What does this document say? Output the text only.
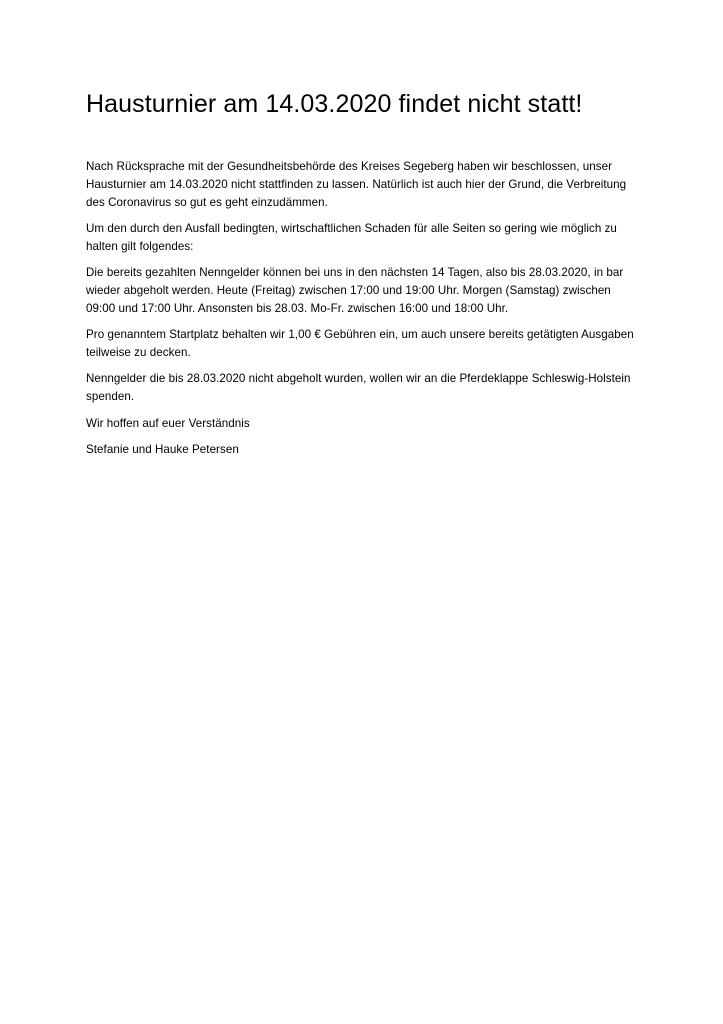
Hausturnier am 14.03.2020 findet nicht statt!

Nach Rücksprache mit der Gesundheitsbehörde des Kreises Segeberg haben wir beschlossen, unser Hausturnier am 14.03.2020 nicht stattfinden zu lassen. Natürlich ist auch hier der Grund, die Verbreitung des Coronavirus so gut es geht einzudämmen.

Um den durch den Ausfall bedingten, wirtschaftlichen Schaden für alle Seiten so gering wie möglich zu halten gilt folgendes:

Die bereits gezahlten Nenngelder können bei uns in den nächsten 14 Tagen, also bis 28.03.2020, in bar wieder abgeholt werden. Heute (Freitag) zwischen 17:00 und 19:00 Uhr. Morgen (Samstag) zwischen 09:00 und 17:00 Uhr. Ansonsten bis 28.03. Mo-Fr. zwischen 16:00 und 18:00 Uhr.

Pro genanntem Startplatz behalten wir 1,00 € Gebühren ein, um auch unsere bereits getätigten Ausgaben teilweise zu decken.

Nenngelder die bis 28.03.2020 nicht abgeholt wurden, wollen wir an die Pferdeklappe Schleswig-Holstein spenden.

Wir hoffen auf euer Verständnis

Stefanie und Hauke Petersen
